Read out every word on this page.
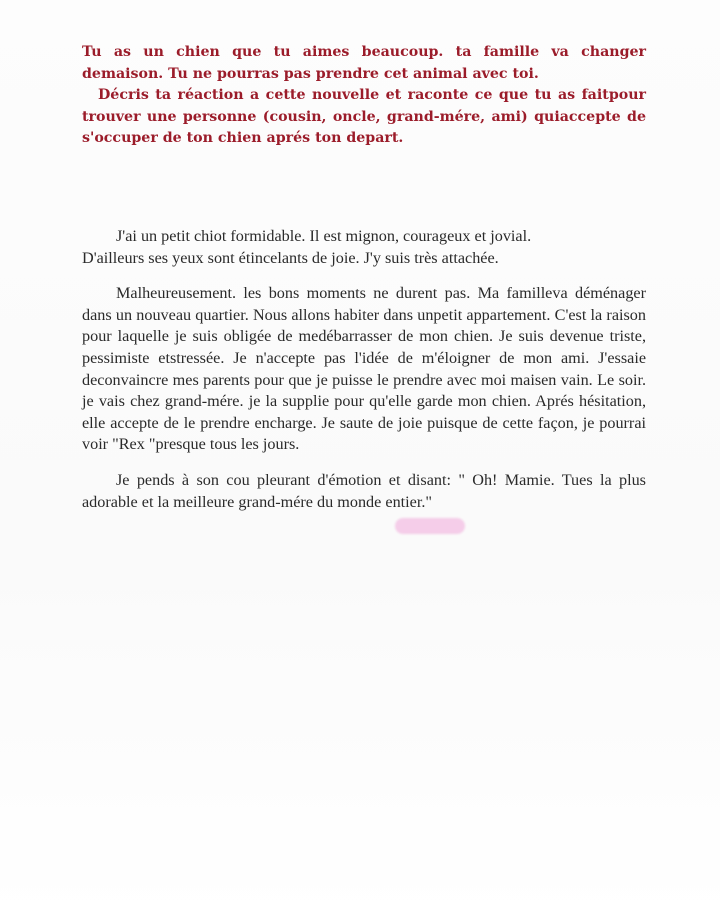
Tu as un chien que tu aimes beaucoup. ta famille va changer demaison. Tu ne pourras pas prendre cet animal avec toi.

Décris ta réaction a cette nouvelle et raconte ce que tu as faitpour trouver une personne (cousin, oncle, grand-mére, ami) quiaccepte de s'occuper de ton chien aprés ton depart.

J'ai un petit chiot formidable. Il est mignon, courageux et jovial.

D'ailleurs ses yeux sont étincelants de joie. J'y suis très attachée.

Malheureusement. les bons moments ne durent pas. Ma familleva déménager dans un nouveau quartier. Nous allons habiter dans unpetit appartement. C'est la raison pour laquelle je suis obligée de medébarrasser de mon chien. Je suis devenue triste, pessimiste etstressée. Je n'accepte pas l'idée de m'éloigner de mon ami. J'essaie deconvaincre mes parents pour que je puisse le prendre avec moi maisen vain. Le soir. je vais chez grand-mére. je la supplie pour qu'elle garde mon chien. Aprés hésitation, elle accepte de le prendre encharge. Je saute de joie puisque de cette façon, je pourrai voir "Rex "presque tous les jours.

Je pends à son cou pleurant d'émotion et disant: " Oh! Mamie. Tues la plus adorable et la meilleure grand-mére du monde entier."
